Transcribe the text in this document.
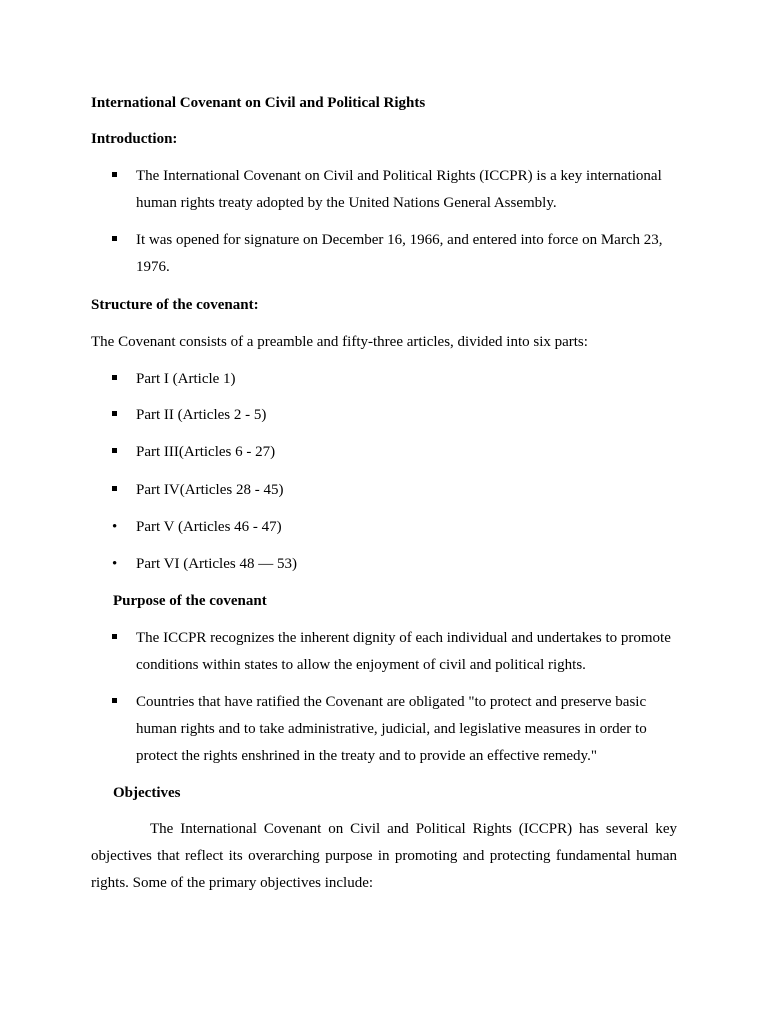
International Covenant on Civil and Political Rights
Introduction:
The International Covenant on Civil and Political Rights (ICCPR) is a key international
human rights treaty adopted by the United Nations General Assembly.
It was opened for signature on December 16, 1966, and entered into force on March 23,
1976.
Structure of the covenant:
The Covenant consists of a preamble and fifty-three articles, divided into six parts:
Part I (Article 1)
Part II (Articles 2 - 5)
Part III(Articles 6 - 27)
Part IV(Articles 28 - 45)
•
Part V (Articles 46 - 47)
•
Part VI (Articles 48 — 53)
Purpose of the covenant
The ICCPR recognizes the inherent dignity of each individual and undertakes to promote
conditions within states to allow the enjoyment of civil and political rights.
Countries that have ratified the Covenant are obligated "to protect and preserve basic
human rights and to take administrative, judicial, and legislative measures in order to
protect the rights enshrined in the treaty and to provide an effective remedy."
Objectives
The International Covenant on Civil and Political Rights (ICCPR) has several key objectives that reflect its overarching purpose in promoting and protecting fundamental human rights. Some of the primary objectives include:
